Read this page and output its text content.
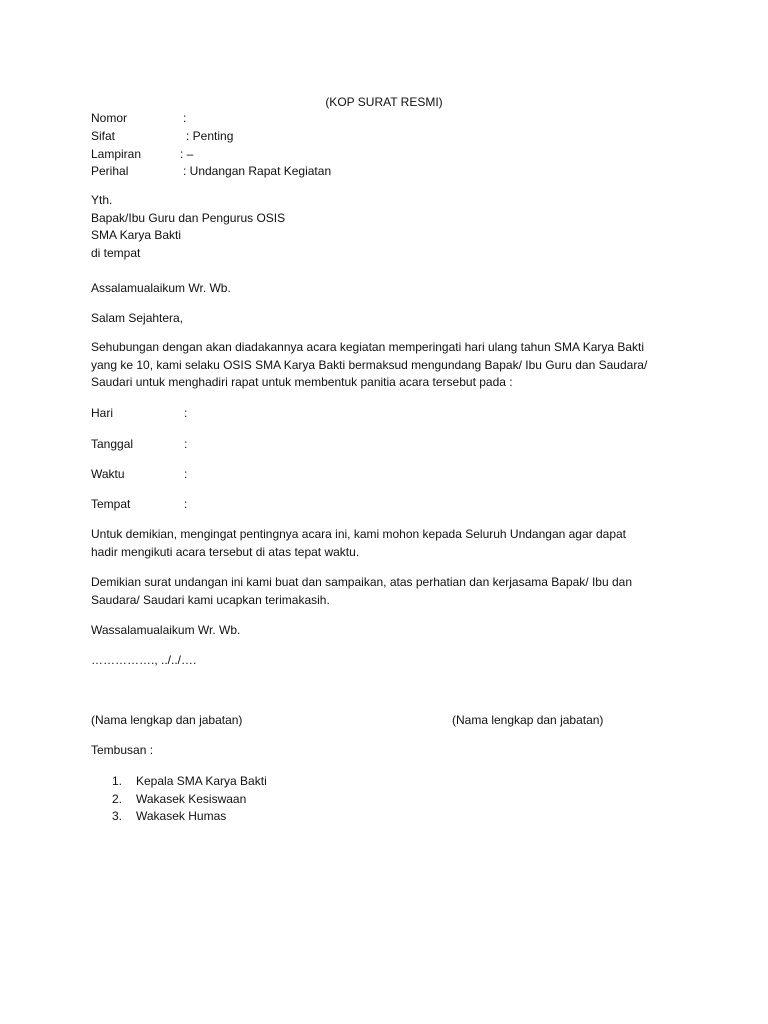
(KOP SURAT RESMI)
Nomor	:
Sifat	: Penting
Lampiran	: –
Perihal	: Undangan Rapat Kegiatan
Yth.
Bapak/Ibu Guru dan Pengurus OSIS
SMA Karya Bakti
di tempat
Assalamualaikum Wr. Wb.
Salam Sejahtera,
Sehubungan dengan akan diadakannya acara kegiatan memperingati hari ulang tahun SMA Karya Bakti
yang ke 10, kami selaku OSIS SMA Karya Bakti bermaksud mengundang Bapak/ Ibu Guru dan Saudara/
Saudari untuk menghadiri rapat untuk membentuk panitia acara tersebut pada :
Hari	:
Tanggal	:
Waktu	:
Tempat	:
Untuk demikian, mengingat pentingnya acara ini, kami mohon kepada Seluruh Undangan agar dapat
hadir mengikuti acara tersebut di atas tepat waktu.
Demikian surat undangan ini kami buat dan sampaikan, atas perhatian dan kerjasama Bapak/ Ibu dan
Saudara/ Saudari kami ucapkan terimakasih.
Wassalamualaikum Wr. Wb.
……………., ../../….
(Nama lengkap dan jabatan)	(Nama lengkap dan jabatan)
Tembusan :
1. Kepala SMA Karya Bakti
2. Wakasek Kesiswaan
3. Wakasek Humas
